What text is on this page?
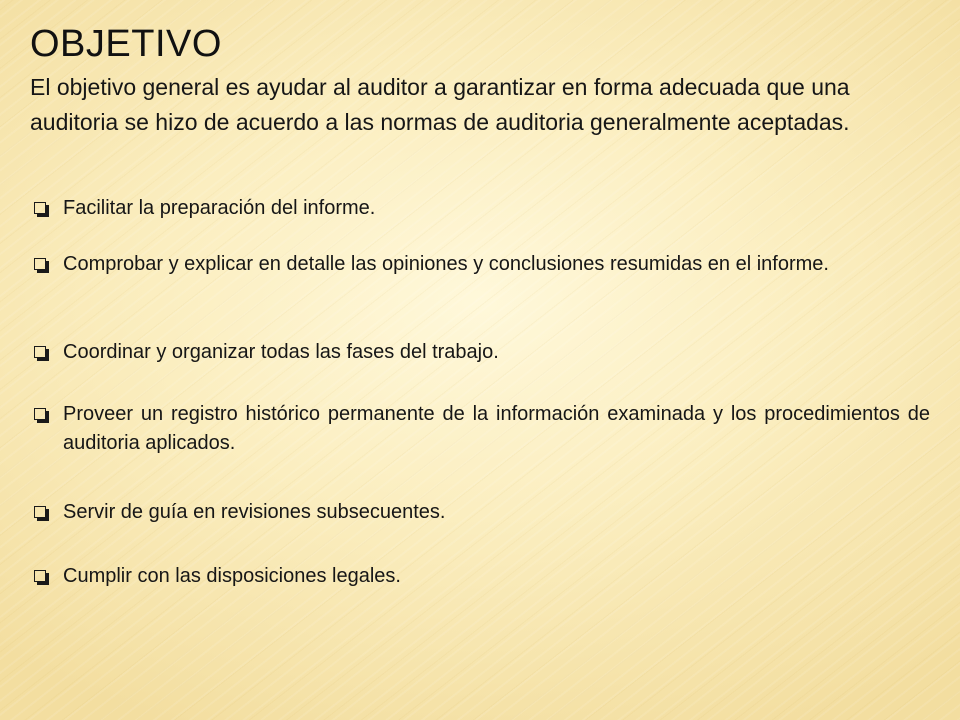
OBJETIVO

El objetivo general es ayudar al auditor a garantizar en forma adecuada que una auditoria se hizo de acuerdo a las normas de auditoria generalmente aceptadas.

Facilitar la preparación del informe.
Comprobar y explicar en detalle las opiniones y conclusiones resumidas en el informe.
Coordinar y organizar todas las fases del trabajo.
Proveer un registro histórico permanente de la información examinada y los procedimientos de auditoria aplicados.
Servir de guía en revisiones subsecuentes.
Cumplir con las disposiciones legales.
